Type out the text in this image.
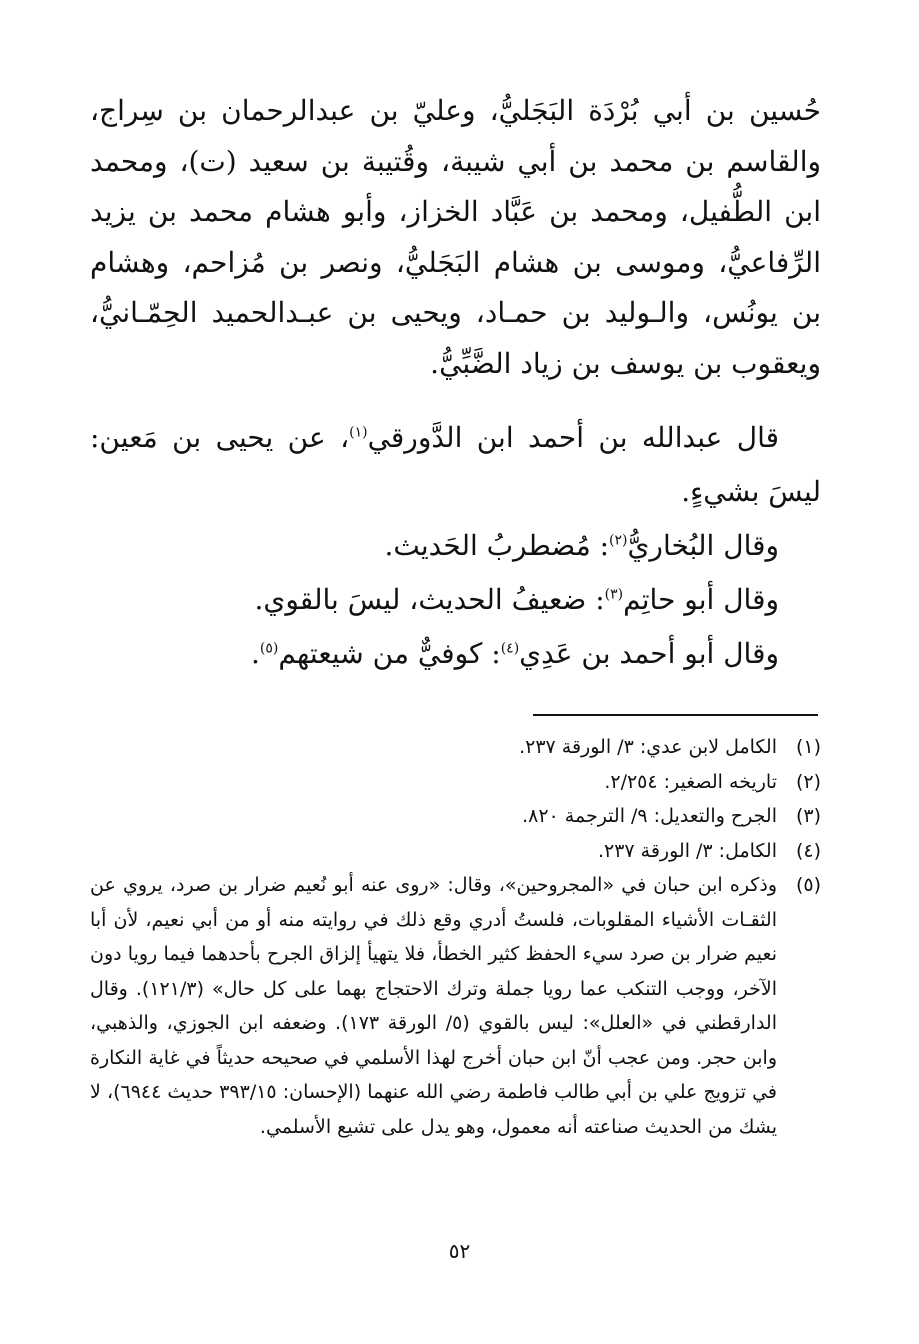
حُسين بن أبي بُرْدَة البَجَليُّ، وعليّ بن عبدالرحمان بن سِراج، والقاسم بن محمد بن أبي شيبة، وقُتيبة بن سعيد (ت)، ومحمد ابن الطُّفيل، ومحمد بن عَبَّاد الخزاز، وأبو هشام محمد بن يزيد الرِّفاعيُّ، وموسى بن هشام البَجَليُّ، ونصر بن مُزاحم، وهشام بن يونُس، والـوليد بن حمـاد، ويحيى بن عبـدالحميد الحِمّـانيُّ، ويعقوب بن يوسف بن زياد الضَّبِّيُّ.

قال عبدالله بن أحمد ابن الدَّورقي$^{(١)}$، عن يحيى بن مَعين: ليسَ بشيءٍ.

وقال البُخاريُّ$^{(٢)}$: مُضطربُ الحَديث.

وقال أبو حاتِم$^{(٣)}$: ضعيفُ الحديث، ليسَ بالقوي.

وقال أبو أحمد بن عَدِي$^{(٤)}$: كوفيٌّ من شيعتهم$^{(٥)}$.

(١)
الكامل لابن عدي: ٣/ الورقة ٢٣٧.
(٢)
تاريخه الصغير: ٢/٢٥٤.
(٣)
الجرح والتعديل: ٩/ الترجمة ٨٢٠.
(٤)
الكامل: ٣/ الورقة ٢٣٧.
(٥)
وذكره ابن حبان في «المجروحين»، وقال: «روى عنه أبو نُعيم ضرار بن صرد، يروي عن الثقـات الأشياء المقلوبات، فلستُ أدري وقع ذلك في روايته منه أو من أبي نعيم، لأن أبا نعيم ضرار بن صرد سيء الحفظ كثير الخطأ، فلا يتهيأ إلزاق الجرح بأحدهما فيما رويا دون الآخر، ووجب التنكب عما رويا جملة وترك الاحتجاج بهما على كل حال» (١٢١/٣). وقال الدارقطني في «العلل»: ليس بالقوي (٥/ الورقة ١٧٣). وضعفه ابن الجوزي، والذهبي، وابن حجر. ومن عجب أنّ ابن حبان أخرج لهذا الأسلمي في صحيحه حديثاً في غاية النكارة في تزويج علي بن أبي طالب فاطمة رضي الله عنهما (الإحسان: ٣٩٣/١٥ حديث ٦٩٤٤)، لا يشك من الحديث صناعته أنه معمول، وهو يدل على تشيع الأسلمي.
٥٢
